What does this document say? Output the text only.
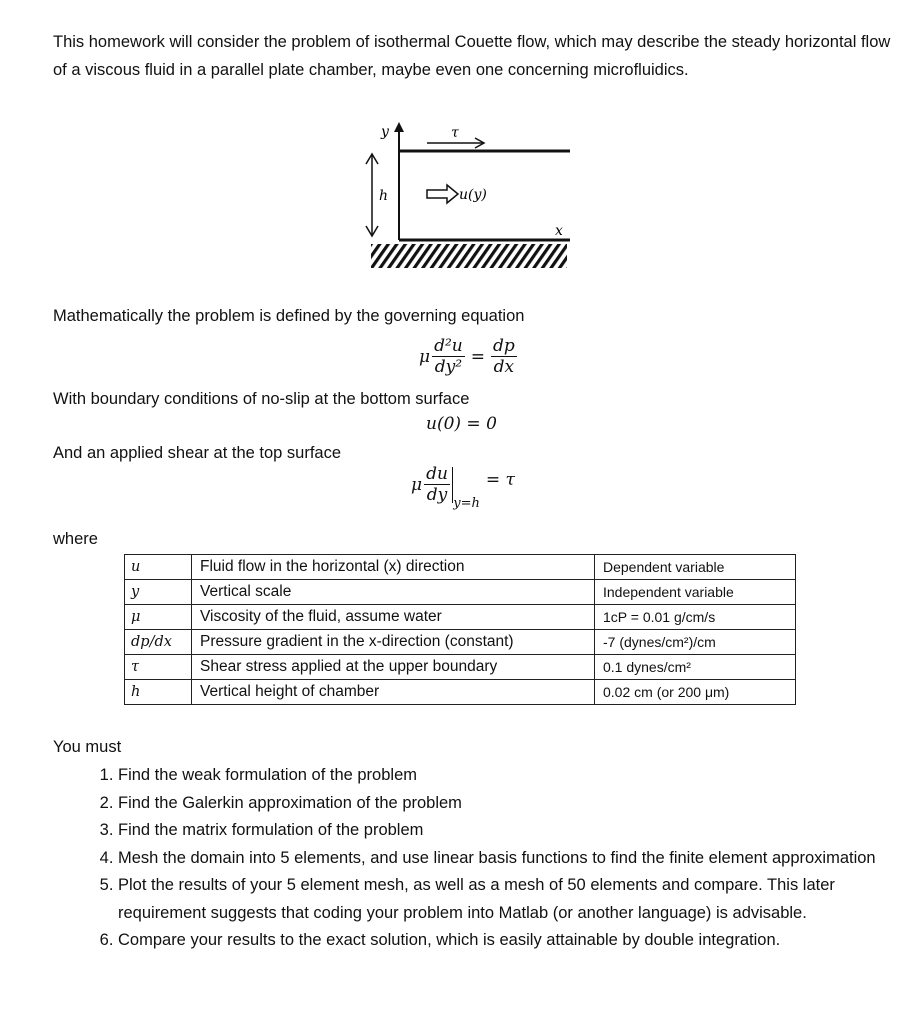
This homework will consider the problem of isothermal Couette flow, which may describe the steady horizontal flow of a viscous fluid in a parallel plate chamber, maybe even one concerning microfluidics.
y	τ
h	u(y)
x
Mathematically the problem is defined by the governing equation
μ $\frac{\text{d²u}}{\text{dy²}} = \frac{dp}{dx}$
With boundary conditions of no-slip at the bottom surface
u(0) = 0
And an applied shear at the top surface
μ $\frac{du}{dy} y=h$
= τ
where
u	Fluid flow in the horizontal (x) direction	Dependent variable
y	Vertical scale	Independent variable
μ	Viscosity of the fluid, assume water	1cP = 0.01 g/cm/s
dp/dx	Pressure gradient in the x-direction (constant)	-7 (dynes/cm²)/cm
τ	Shear stress applied at the upper boundary	0.1 dynes/cm²
h	Vertical height of chamber	0.02 cm (or 200 μm)
You must
1. Find the weak formulation of the problem
2. Find the Galerkin approximation of the problem
3. Find the matrix formulation of the problem
4. Mesh the domain into 5 elements, and use linear basis functions to find the finite element approximation
5. Plot the results of your 5 element mesh, as well as a mesh of 50 elements and compare. This later requirement suggests that coding your problem into Matlab (or another language) is advisable.
6. Compare your results to the exact solution, which is easily attainable by double integration.
